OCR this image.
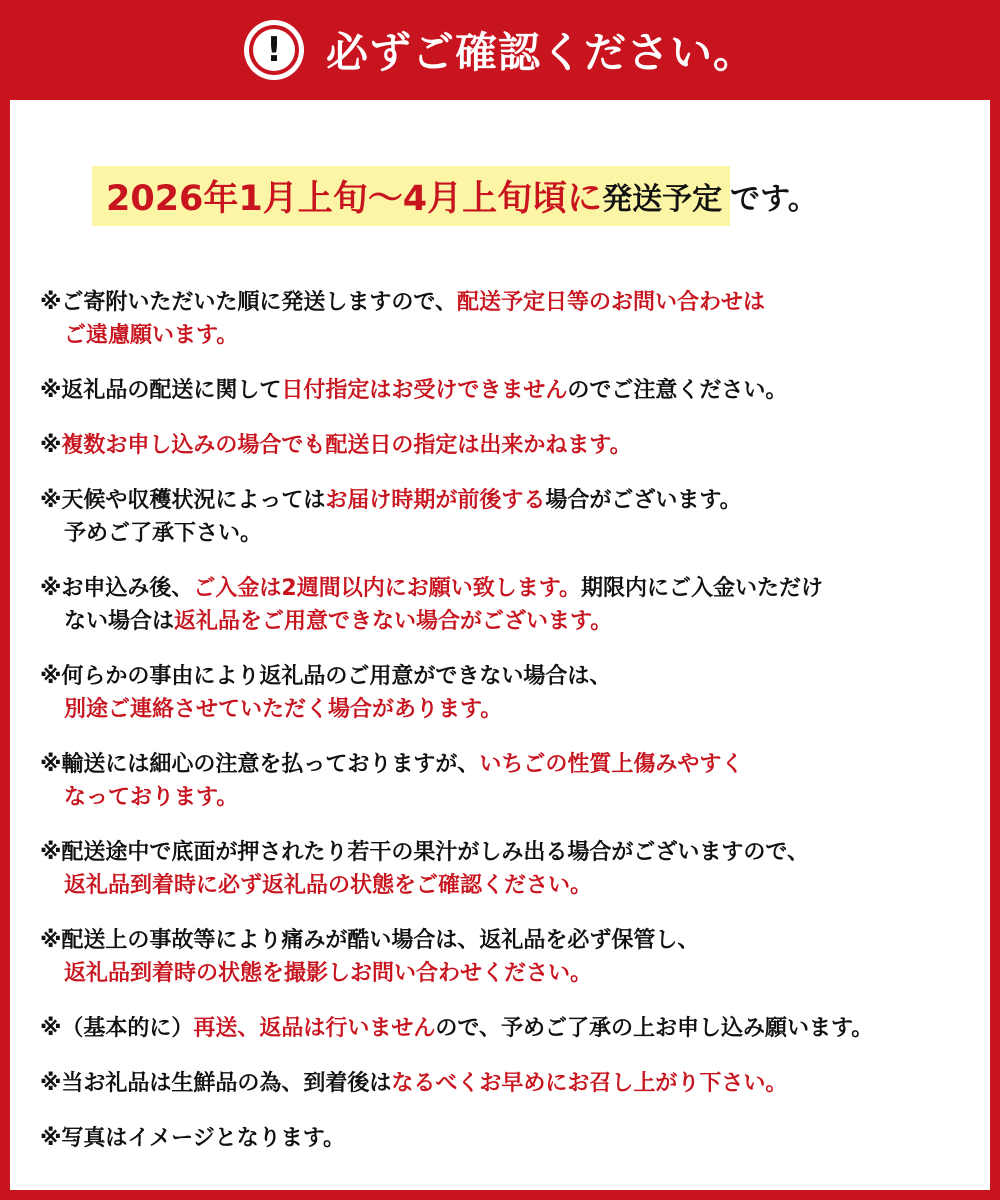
!	必ずご確認ください。
2026年1月上旬～4月上旬頃に 発送予定 です。
※ご寄附いただいた順に発送しますので、配送予定日等のお問い合わせは
ご遠慮願います。
※返礼品の配送に関して日付指定はお受けできませんのでご注意ください。
※複数お申し込みの場合でも配送日の指定は出来かねます。
※天候や収穫状況によってはお届け時期が前後する場合がございます。
予めご了承下さい。
※お申込み後、ご入金は2週間以内にお願い致します。期限内にご入金いただけ
ない場合は返礼品をご用意できない場合がございます。
※何らかの事由により返礼品のご用意ができない場合は、
別途ご連絡させていただく場合があります。
※輸送には細心の注意を払っておりますが、いちごの性質上傷みやすく
なっております。
※配送途中で底面が押されたり若干の果汁がしみ出る場合がございますので、
返礼品到着時に必ず返礼品の状態をご確認ください。
※配送上の事故等により痛みが酷い場合は、返礼品を必ず保管し、
返礼品到着時の状態を撮影しお問い合わせください。
※（基本的に）再送、返品は行いませんので、予めご了承の上お申し込み願います。
※当お礼品は生鮮品の為、到着後はなるべくお早めにお召し上がり下さい。
※写真はイメージとなります。
